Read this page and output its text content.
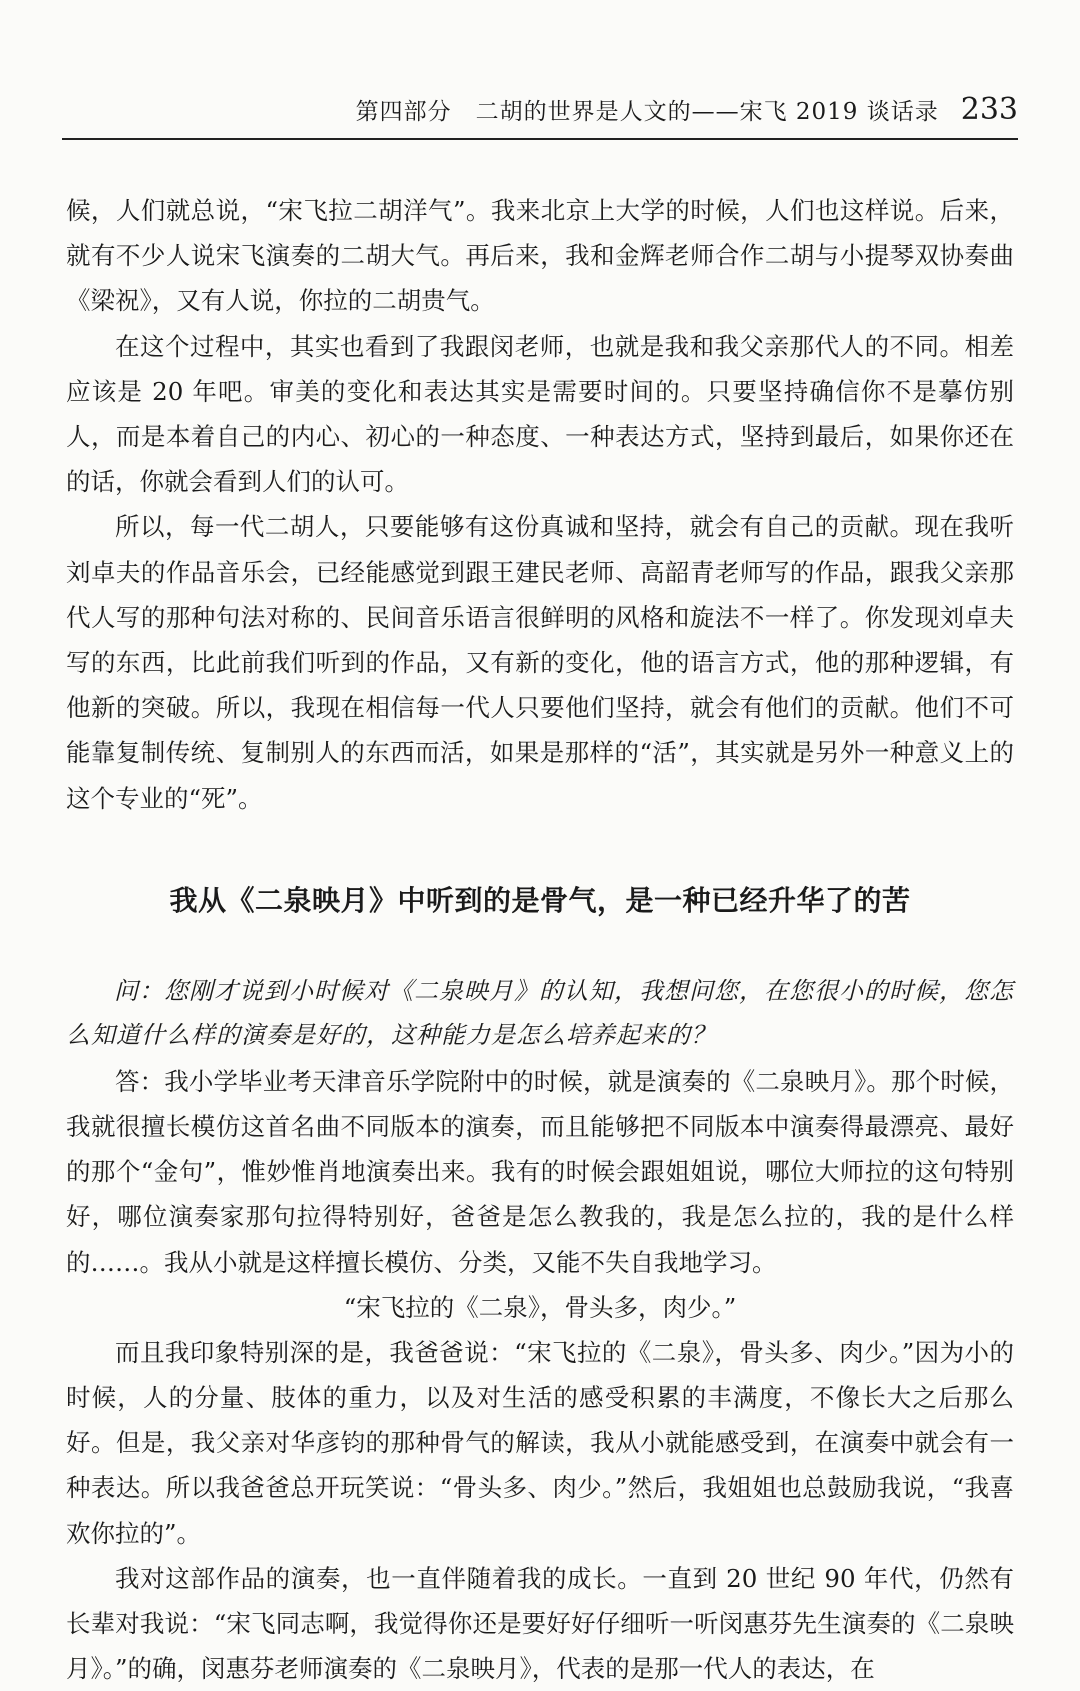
第四部分　二胡的世界是人文的——宋飞 2019 谈话录 233

候，人们就总说，“宋飞拉二胡洋气”。我来北京上大学的时候，人们也这样说。后来，就有不少人说宋飞演奏的二胡大气。再后来，我和金辉老师合作二胡与小提琴双协奏曲《梁祝》，又有人说，你拉的二胡贵气。

在这个过程中，其实也看到了我跟闵老师，也就是我和我父亲那代人的不同。相差应该是 20 年吧。审美的变化和表达其实是需要时间的。只要坚持确信你不是摹仿别人，而是本着自己的内心、初心的一种态度、一种表达方式，坚持到最后，如果你还在的话，你就会看到人们的认可。

所以，每一代二胡人，只要能够有这份真诚和坚持，就会有自己的贡献。现在我听刘卓夫的作品音乐会，已经能感觉到跟王建民老师、高韶青老师写的作品，跟我父亲那代人写的那种句法对称的、民间音乐语言很鲜明的风格和旋法不一样了。你发现刘卓夫写的东西，比此前我们听到的作品，又有新的变化，他的语言方式，他的那种逻辑，有他新的突破。所以，我现在相信每一代人只要他们坚持，就会有他们的贡献。他们不可能靠复制传统、复制别人的东西而活，如果是那样的“活”，其实就是另外一种意义上的这个专业的“死”。

我从《二泉映月》中听到的是骨气，是一种已经升华了的苦

问：您刚才说到小时候对《二泉映月》的认知，我想问您，在您很小的时候，您怎么知道什么样的演奏是好的，这种能力是怎么培养起来的？

答：我小学毕业考天津音乐学院附中的时候，就是演奏的《二泉映月》。那个时候，我就很擅长模仿这首名曲不同版本的演奏，而且能够把不同版本中演奏得最漂亮、最好的那个“金句”，惟妙惟肖地演奏出来。我有的时候会跟姐姐说，哪位大师拉的这句特别好，哪位演奏家那句拉得特别好，爸爸是怎么教我的，我是怎么拉的，我的是什么样的……。我从小就是这样擅长模仿、分类，又能不失自我地学习。

“宋飞拉的《二泉》，骨头多，肉少。”

而且我印象特别深的是，我爸爸说：“宋飞拉的《二泉》，骨头多、肉少。”因为小的时候，人的分量、肢体的重力，以及对生活的感受积累的丰满度，不像长大之后那么好。但是，我父亲对华彦钧的那种骨气的解读，我从小就能感受到，在演奏中就会有一种表达。所以我爸爸总开玩笑说：“骨头多、肉少。”然后，我姐姐也总鼓励我说，“我喜欢你拉的”。

我对这部作品的演奏，也一直伴随着我的成长。一直到 20 世纪 90 年代，仍然有长辈对我说：“宋飞同志啊，我觉得你还是要好好仔细听一听闵惠芬先生演奏的《二泉映月》。”的确，闵惠芬老师演奏的《二泉映月》，代表的是那一代人的表达，在
